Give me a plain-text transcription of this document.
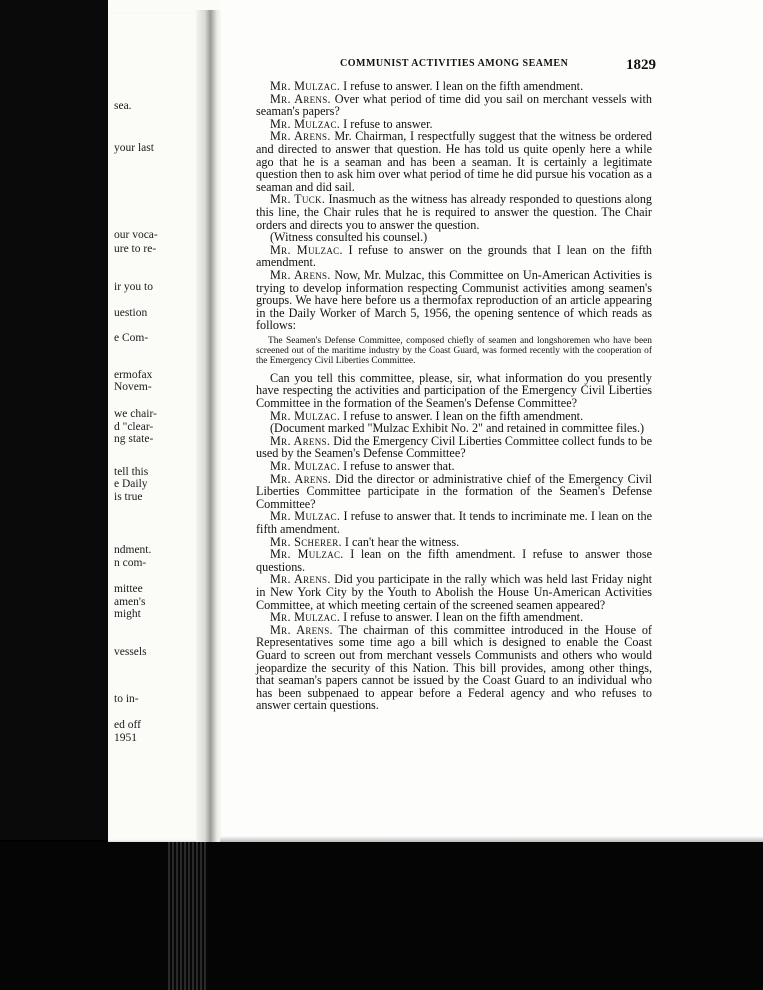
sea.
your last
our voca-
ure to re-
ir you to
uestion
e Com-
ermofax
Novem-
we chair-
d "clear-
ng state-
tell this
e Daily
is true
ndment.
n com-
mittee
amen's
might
vessels
to in-
ed off
1951
COMMUNIST ACTIVITIES AMONG SEAMEN	1829

Mr. Mulzac. I refuse to answer. I lean on the fifth amendment.

Mr. Arens. Over what period of time did you sail on merchant vessels with seaman's papers?

Mr. Mulzac. I refuse to answer.

Mr. Arens. Mr. Chairman, I respectfully suggest that the witness be ordered and directed to answer that question. He has told us quite openly here a while ago that he is a seaman and has been a seaman. It is certainly a legitimate question then to ask him over what period of time he did pursue his vocation as a seaman and did sail.

Mr. Tuck. Inasmuch as the witness has already responded to questions along this line, the Chair rules that he is required to answer the question. The Chair orders and directs you to answer the question.

(Witness consulted his counsel.)

Mr. Mulzac. I refuse to answer on the grounds that I lean on the fifth amendment.

Mr. Arens. Now, Mr. Mulzac, this Committee on Un-American Activities is trying to develop information respecting Communist activities among seamen's groups. We have here before us a thermofax reproduction of an article appearing in the Daily Worker of March 5, 1956, the opening sentence of which reads as follows:

The Seamen's Defense Committee, composed chiefly of seamen and longshoremen who have been screened out of the maritime industry by the Coast Guard, was formed recently with the cooperation of the Emergency Civil Liberties Committee.

Can you tell this committee, please, sir, what information do you presently have respecting the activities and participation of the Emergency Civil Liberties Committee in the formation of the Seamen's Defense Committee?

Mr. Mulzac. I refuse to answer. I lean on the fifth amendment.

(Document marked "Mulzac Exhibit No. 2" and retained in committee files.)

Mr. Arens. Did the Emergency Civil Liberties Committee collect funds to be used by the Seamen's Defense Committee?

Mr. Mulzac. I refuse to answer that.

Mr. Arens. Did the director or administrative chief of the Emergency Civil Liberties Committee participate in the formation of the Seamen's Defense Committee?

Mr. Mulzac. I refuse to answer that. It tends to incriminate me. I lean on the fifth amendment.

Mr. Scherer. I can't hear the witness.

Mr. Mulzac. I lean on the fifth amendment. I refuse to answer those questions.

Mr. Arens. Did you participate in the rally which was held last Friday night in New York City by the Youth to Abolish the House Un-American Activities Committee, at which meeting certain of the screened seamen appeared?

Mr. Mulzac. I refuse to answer. I lean on the fifth amendment.

Mr. Arens. The chairman of this committee introduced in the House of Representatives some time ago a bill which is designed to enable the Coast Guard to screen out from merchant vessels Communists and others who would jeopardize the security of this Nation. This bill provides, among other things, that seaman's papers cannot be issued by the Coast Guard to an individual who has been subpenaed to appear before a Federal agency and who refuses to answer certain questions.
